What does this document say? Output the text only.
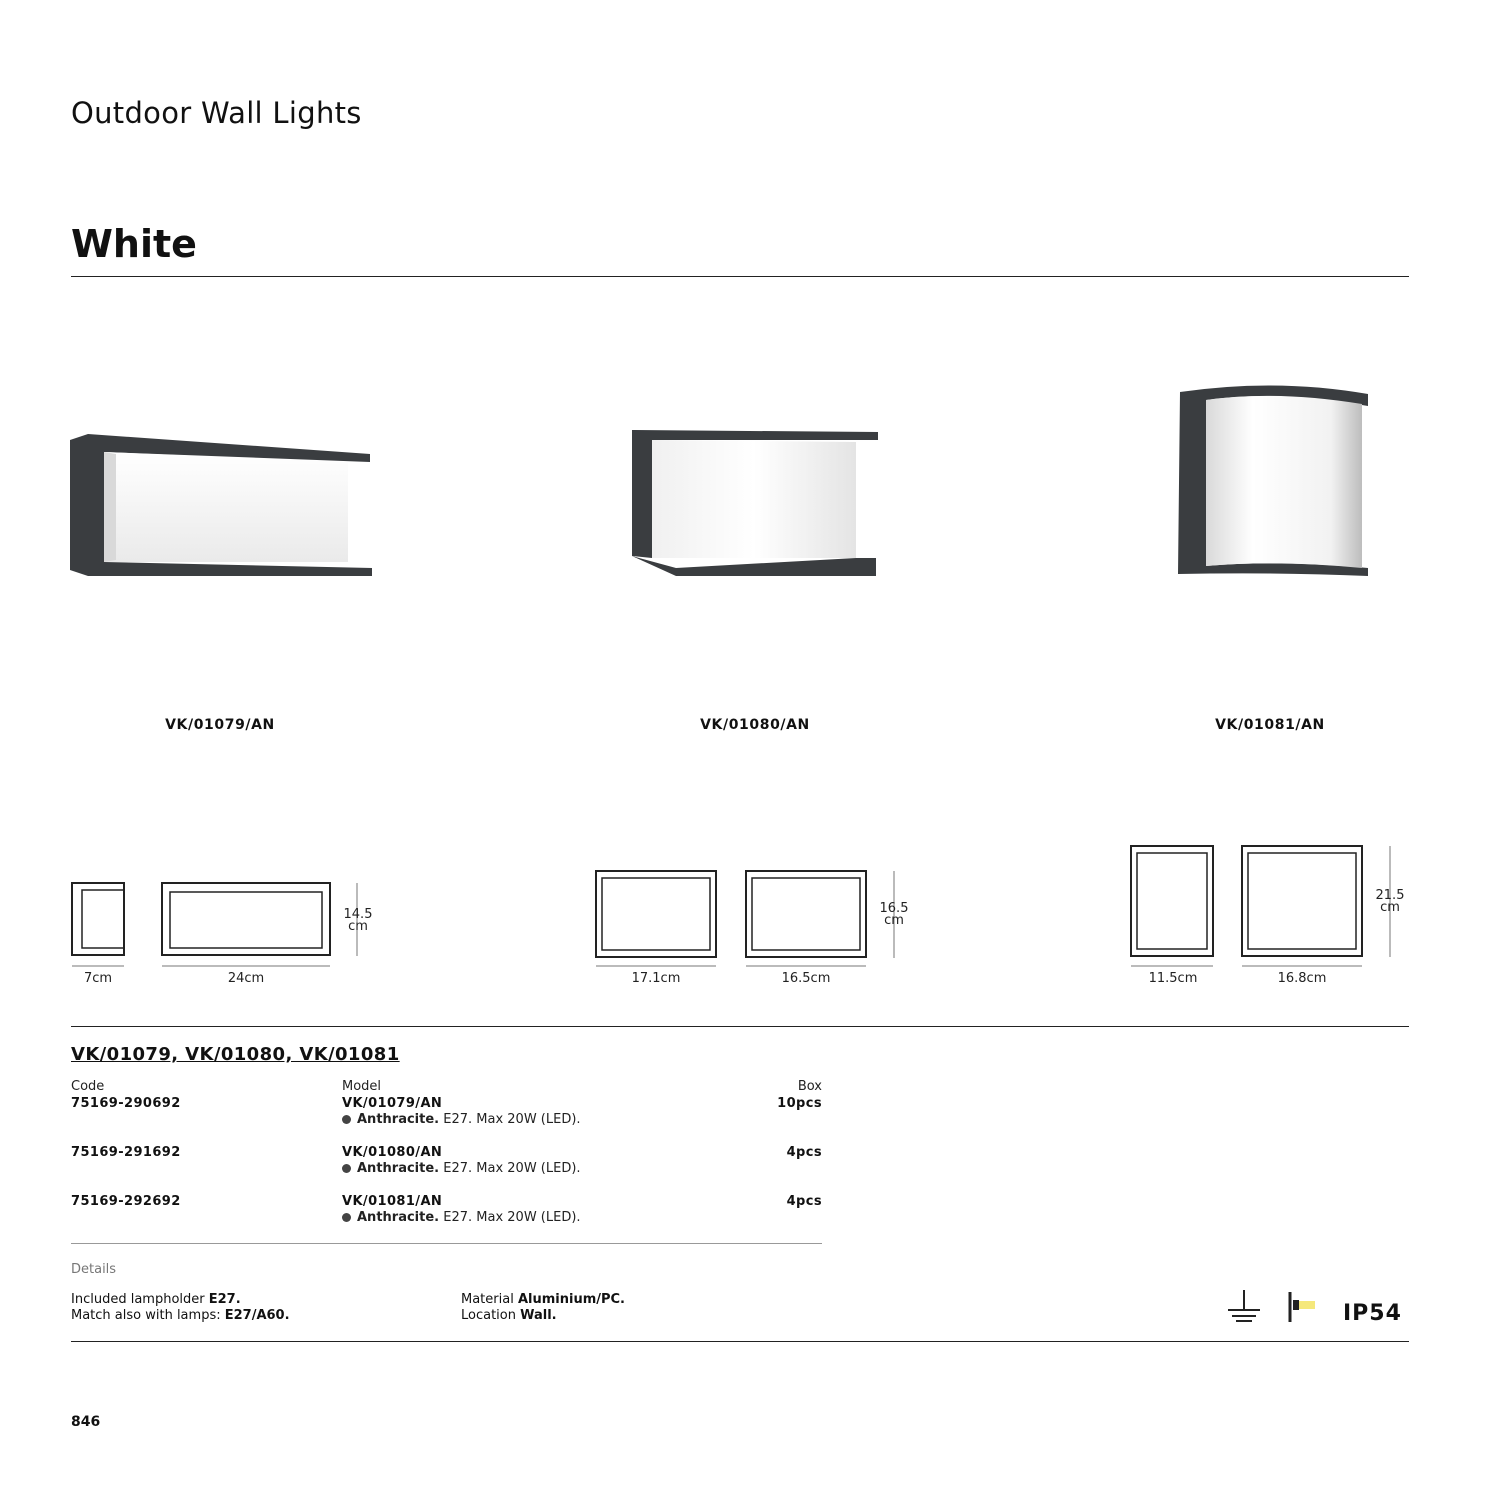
Outdoor Wall Lights
White
VK/01079/AN	VK/01080/AN	VK/01081/AN
7cm	24cm
14.5
cm
17.1cm	16.5cm
16.5
cm
11.5cm	16.8cm
21.5
cm
VK/01079, VK/01080, VK/01081
Code	Model	Box
75169-290692	VK/01079/AN	10pcs
Anthracite. E27. Max 20W (LED).
75169-291692	VK/01080/AN	4pcs
Anthracite. E27. Max 20W (LED).
75169-292692	VK/01081/AN	4pcs
Anthracite. E27. Max 20W (LED).
Details
Included lampholder E27.
Match also with lamps: E27/A60.
Material Aluminium/PC.
Location Wall.	IP54
846
